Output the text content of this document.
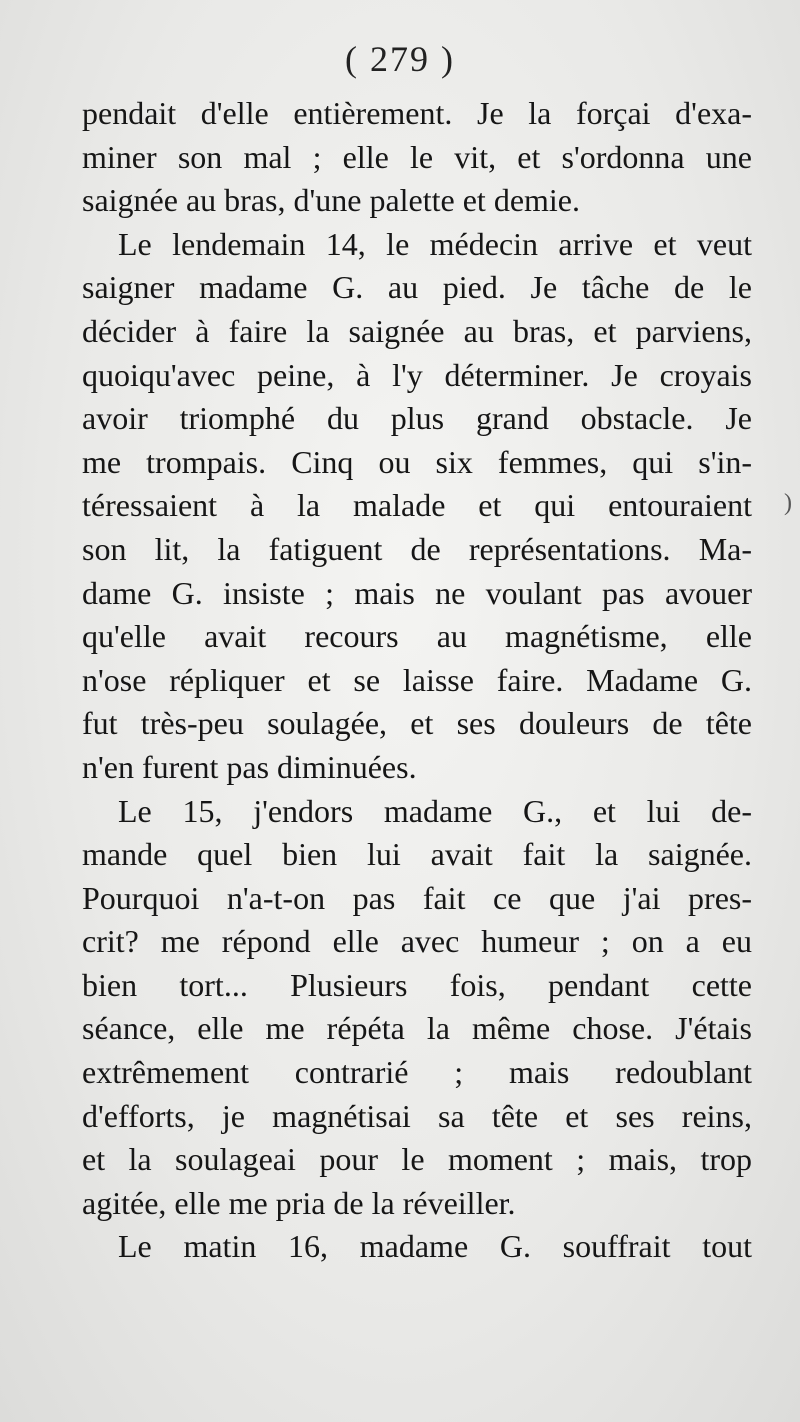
( 279 )
pendait d'elle entièrement. Je la forçai d'exa-
miner son mal ; elle le vit, et s'ordonna une
saignée au bras, d'une palette et demie.
Le lendemain 14, le médecin arrive et veut
saigner madame G. au pied. Je tâche de le
décider à faire la saignée au bras, et parviens,
quoiqu'avec peine, à l'y déterminer. Je croyais
avoir triomphé du plus grand obstacle. Je
me trompais. Cinq ou six femmes, qui s'in-
téressaient à la malade et qui entouraient
son lit, la fatiguent de représentations. Ma-
dame G. insiste ; mais ne voulant pas avouer
qu'elle avait recours au magnétisme, elle
n'ose répliquer et se laisse faire. Madame G.
fut très-peu soulagée, et ses douleurs de tête
n'en furent pas diminuées.
Le 15, j'endors madame G., et lui de-
mande quel bien lui avait fait la saignée.
Pourquoi n'a-t-on pas fait ce que j'ai pres-
crit? me répond elle avec humeur ; on a eu
bien tort... Plusieurs fois, pendant cette
séance, elle me répéta la même chose. J'étais
extrêmement contrarié ; mais redoublant
d'efforts, je magnétisai sa tête et ses reins,
et la soulageai pour le moment ; mais, trop
agitée, elle me pria de la réveiller.
Le matin 16, madame G. souffrait tout
)
